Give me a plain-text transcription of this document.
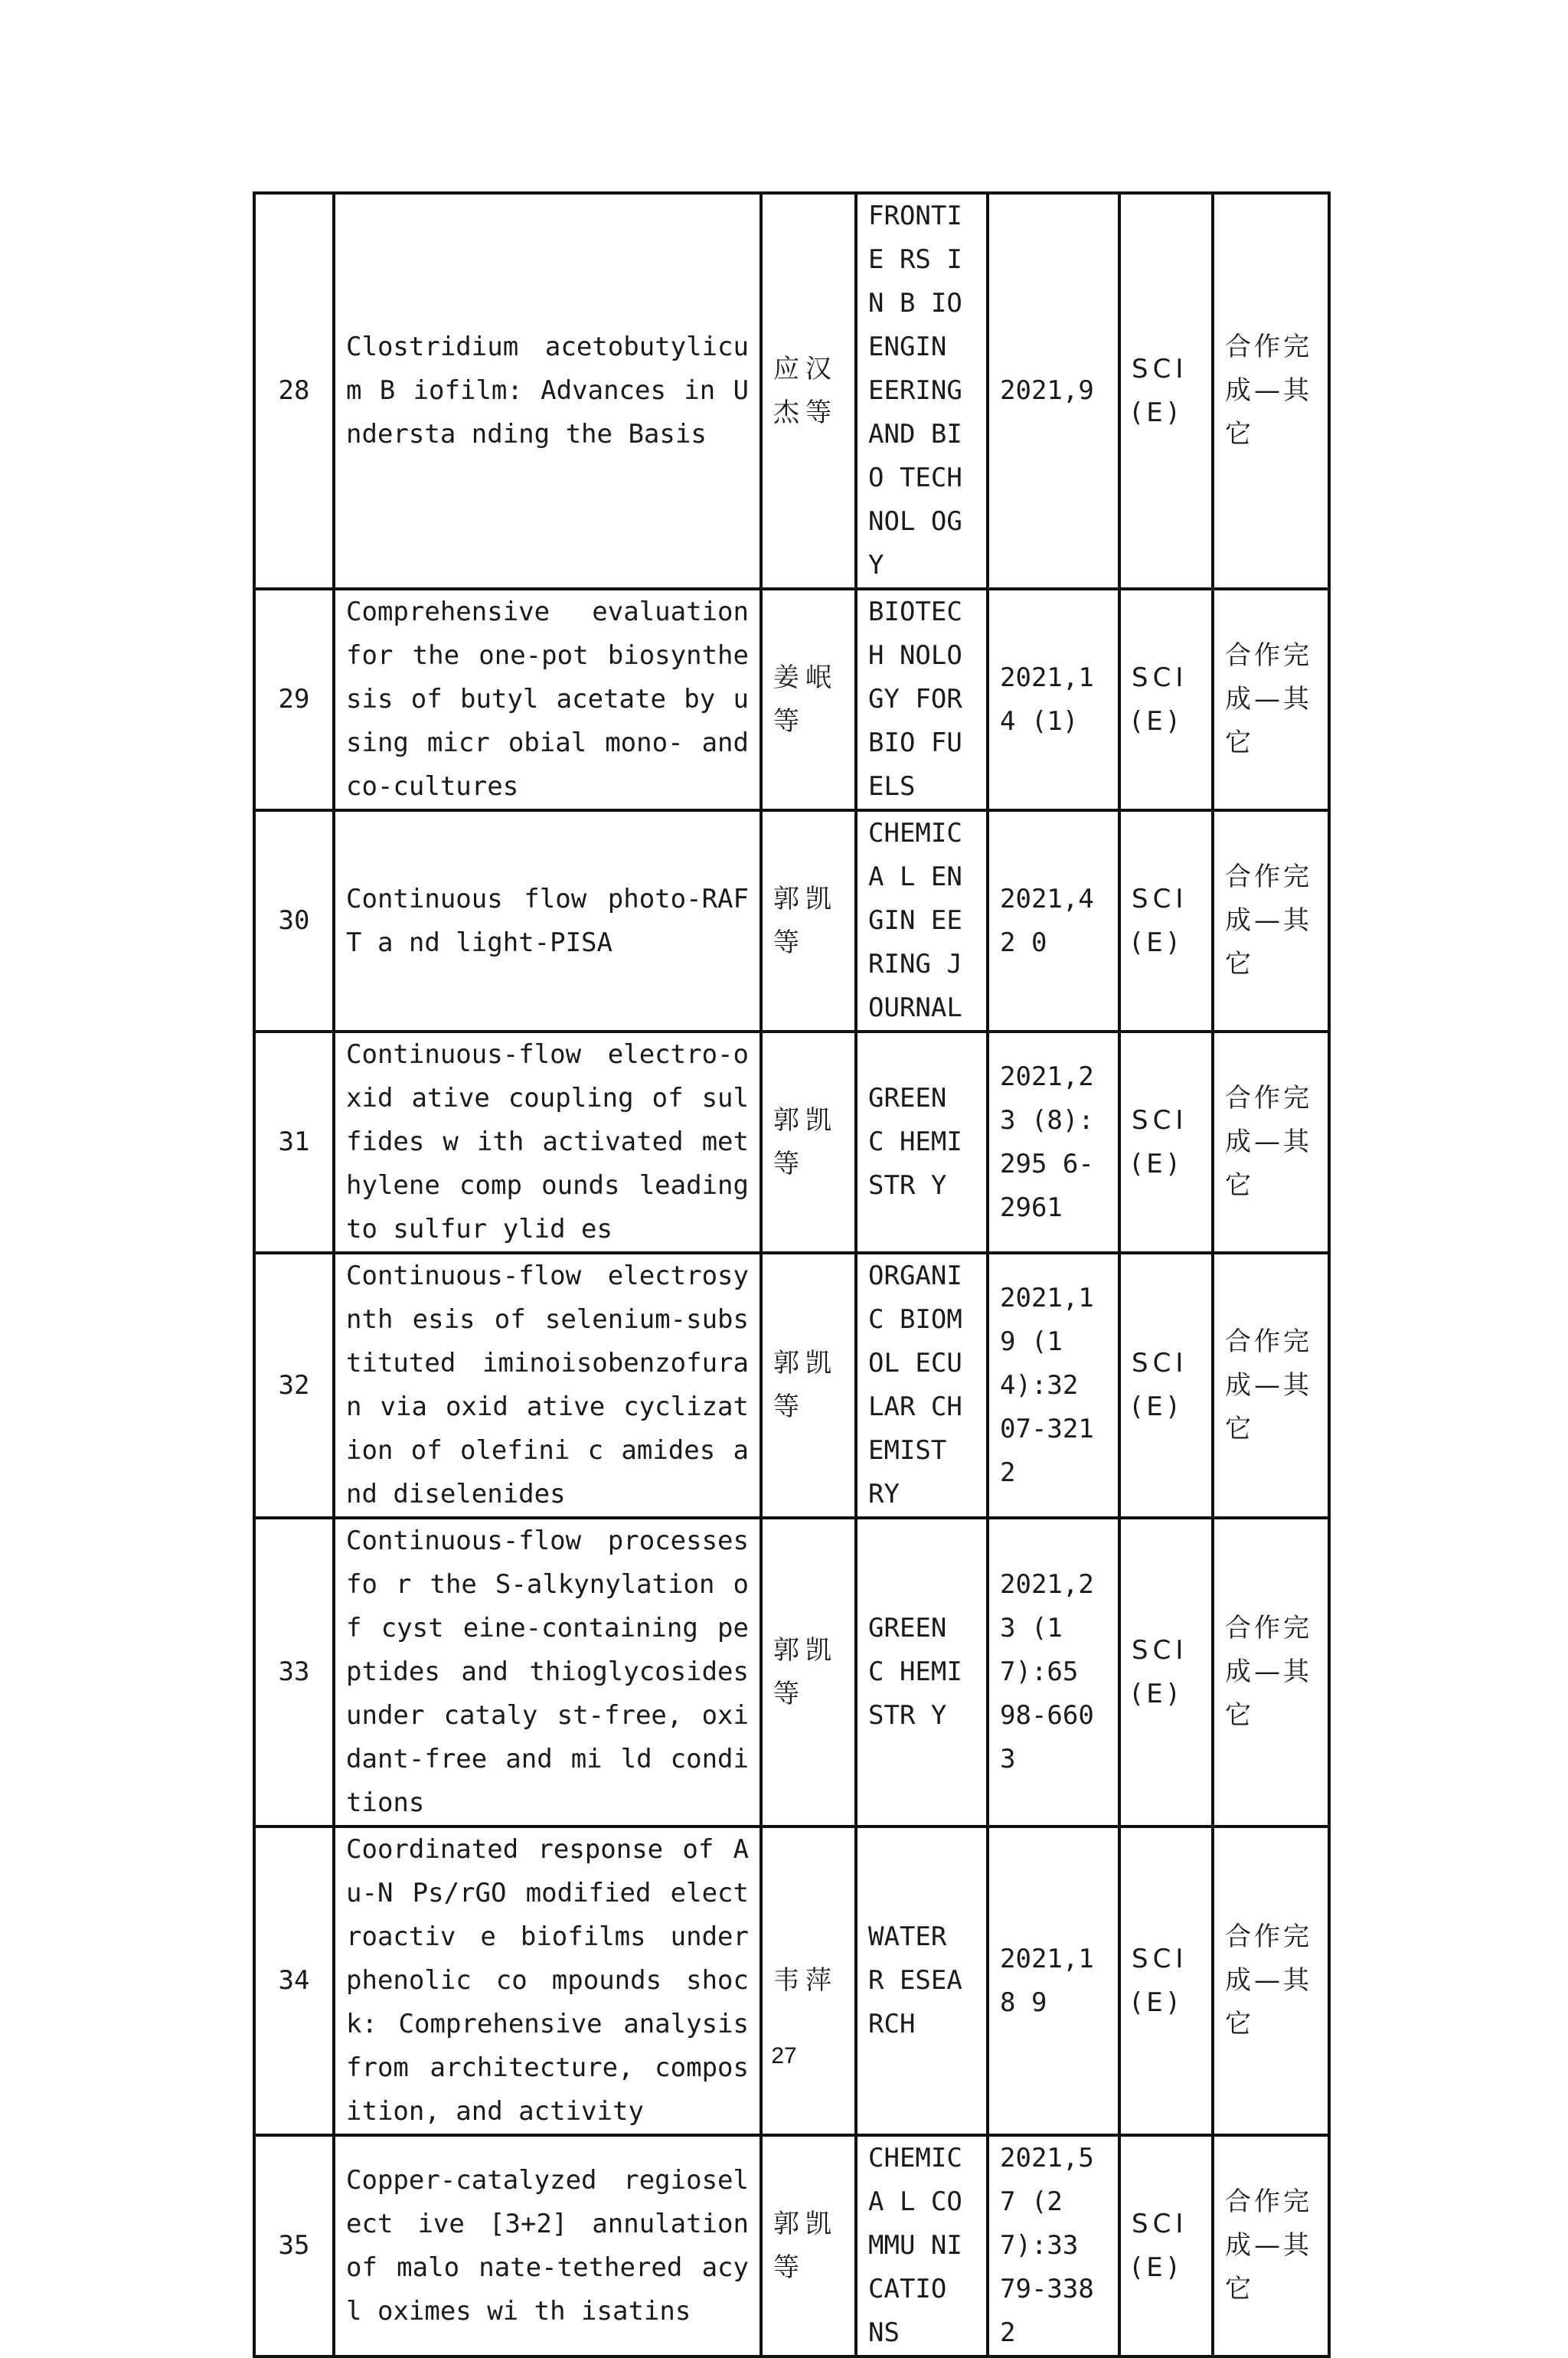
28	Clostridium acetobutylicum B iofilm: Advances in Understa nding the Basis	应汉杰等	FRONTIE RS IN B IOENGIN EERING AND BIO TECHNOL OGY	2021,9	SCI (E)	合作完成—其它
29	Comprehensive evaluation for the one-pot biosynthesis of butyl acetate by using micr obial mono- and co-cultures	姜岷等	BIOTECH NOLOGY FOR BIO FUELS	2021,14 (1)	SCI (E)	合作完成—其它
30	Continuous flow photo-RAFT a nd light-PISA	郭凯等	CHEMICA L ENGIN EERING JOURNAL	2021,42 0	SCI (E)	合作完成—其它
31	Continuous-flow electro-oxid ative coupling of sulfides w ith activated methylene comp ounds leading to sulfur ylid es	郭凯等	GREEN C HEMISTR Y	2021,23 (8):295 6-2961	SCI (E)	合作完成—其它
32	Continuous-flow electrosynth esis of selenium-substituted iminoisobenzofuran via oxid ative cyclization of olefini c amides and diselenides	郭凯等	ORGANIC BIOMOL ECULAR CHEMIST RY	2021,19 (14):32 07-3212	SCI (E)	合作完成—其它
33	Continuous-flow processes fo r the S-alkynylation of cyst eine-containing peptides and thioglycosides under cataly st-free, oxidant-free and mi ld conditions	郭凯等	GREEN C HEMISTR Y	2021,23 (17):65 98-6603	SCI (E)	合作完成—其它
34	Coordinated response of Au-N Ps/rGO modified electroactiv e biofilms under phenolic co mpounds shock: Comprehensive analysis from architecture, composition, and activity	韦萍	WATER R ESEARCH	2021,18 9	SCI (E)	合作完成—其它
35	Copper-catalyzed regioselect ive [3+2] annulation of malo nate-tethered acyl oximes wi th isatins	郭凯等	CHEMICA L COMMU NICATIO NS	2021,57 (27):33 79-3382	SCI (E)	合作完成—其它
27
